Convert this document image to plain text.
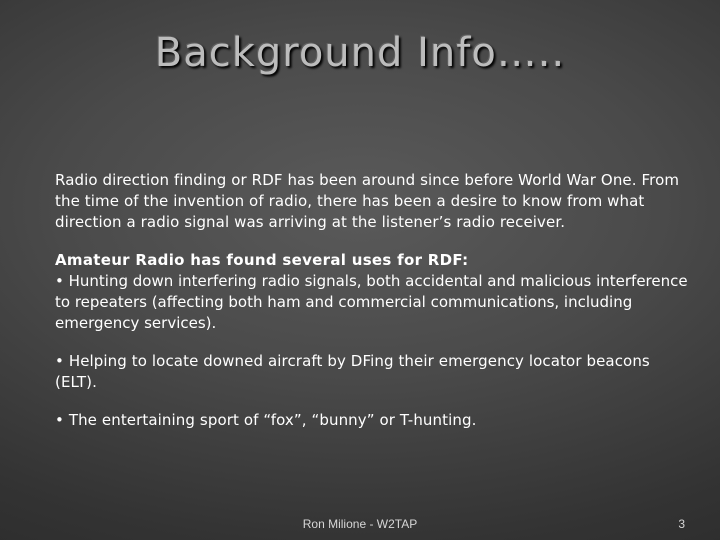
Background Info…..

Radio direction finding or RDF has been around since before World War One. From the time of the invention of radio, there has been a desire to know from what direction a radio signal was arriving at the listener’s radio receiver.

Amateur Radio has found several uses for RDF:
• Hunting down interfering radio signals, both accidental and malicious interference to repeaters (affecting both ham and commercial communications, including emergency services).

• Helping to locate downed aircraft by DFing their emergency locator beacons (ELT).

• The entertaining sport of “fox”, “bunny” or T-hunting.

Ron Milione - W2TAP	3
